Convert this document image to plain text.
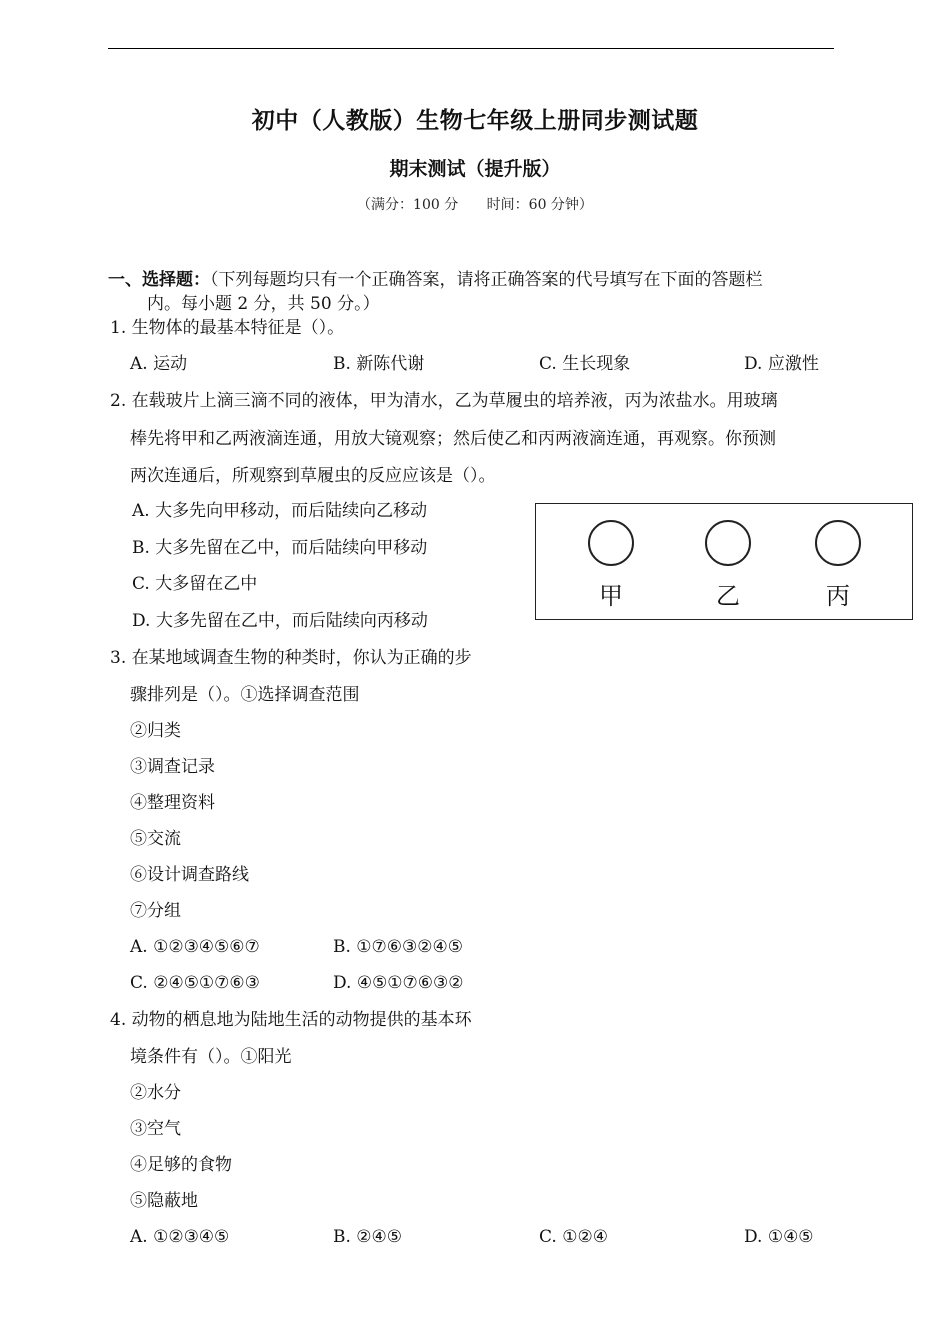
初中（人教版）生物七年级上册同步测试题
期末测试（提升版）
（满分：100 分 时间：60 分钟）
一、选择题：（下列每题均只有一个正确答案，请将正确答案的代号填写在下面的答题栏
内。每小题 2 分，共 50 分。）
1. 生物体的最基本特征是（）。
A. 运动	B. 新陈代谢	C. 生长现象	D. 应激性
2. 在载玻片上滴三滴不同的液体，甲为清水，乙为草履虫的培养液，丙为浓盐水。用玻璃
棒先将甲和乙两液滴连通，用放大镜观察；然后使乙和丙两液滴连通，再观察。你预测
两次连通后，所观察到草履虫的反应应该是（）。
A. 大多先向甲移动，而后陆续向乙移动
B. 大多先留在乙中，而后陆续向甲移动
C. 大多留在乙中
D. 大多先留在乙中，而后陆续向丙移动
甲	乙	丙
3. 在某地域调查生物的种类时，你认为正确的步
骤排列是（）。①选择调查范围
②归类
③调查记录
④整理资料
⑤交流
⑥设计调查路线
⑦分组
A. ①②③④⑤⑥⑦	B. ①⑦⑥③②④⑤
C. ②④⑤①⑦⑥③	D. ④⑤①⑦⑥③②
4. 动物的栖息地为陆地生活的动物提供的基本环
境条件有（）。①阳光
②水分
③空气
④足够的食物
⑤隐蔽地
A. ①②③④⑤	B. ②④⑤	C. ①②④	D. ①④⑤
